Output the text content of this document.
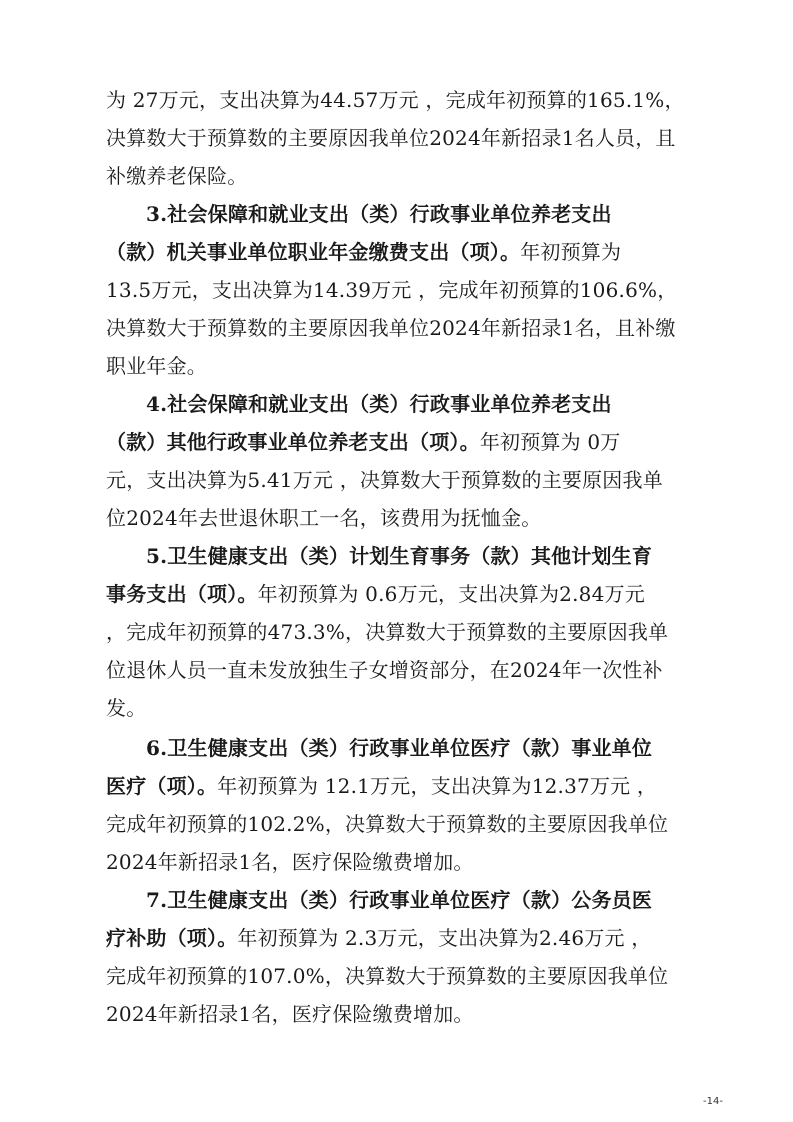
为 27万元，支出决算为44.57万元 ，完成年初预算的165.1%，
决算数大于预算数的主要原因我单位2024年新招录1名人员，且
补缴养老保险。
3.社会保障和就业支出（类）行政事业单位养老支出
（款）机关事业单位职业年金缴费支出（项）。年初预算为
13.5万元，支出决算为14.39万元 ，完成年初预算的106.6%，
决算数大于预算数的主要原因我单位2024年新招录1名，且补缴
职业年金。
4.社会保障和就业支出（类）行政事业单位养老支出
（款）其他行政事业单位养老支出（项）。年初预算为 0万
元，支出决算为5.41万元 ，决算数大于预算数的主要原因我单
位2024年去世退休职工一名，该费用为抚恤金。
5.卫生健康支出（类）计划生育事务（款）其他计划生育
事务支出（项）。年初预算为 0.6万元，支出决算为2.84万元
，完成年初预算的473.3%，决算数大于预算数的主要原因我单
位退休人员一直未发放独生子女增资部分，在2024年一次性补
发。
6.卫生健康支出（类）行政事业单位医疗（款）事业单位
医疗（项）。年初预算为 12.1万元，支出决算为12.37万元 ，
完成年初预算的102.2%，决算数大于预算数的主要原因我单位
2024年新招录1名，医疗保险缴费增加。
7.卫生健康支出（类）行政事业单位医疗（款）公务员医
疗补助（项）。年初预算为 2.3万元，支出决算为2.46万元 ，
完成年初预算的107.0%，决算数大于预算数的主要原因我单位
2024年新招录1名，医疗保险缴费增加。
-14-
